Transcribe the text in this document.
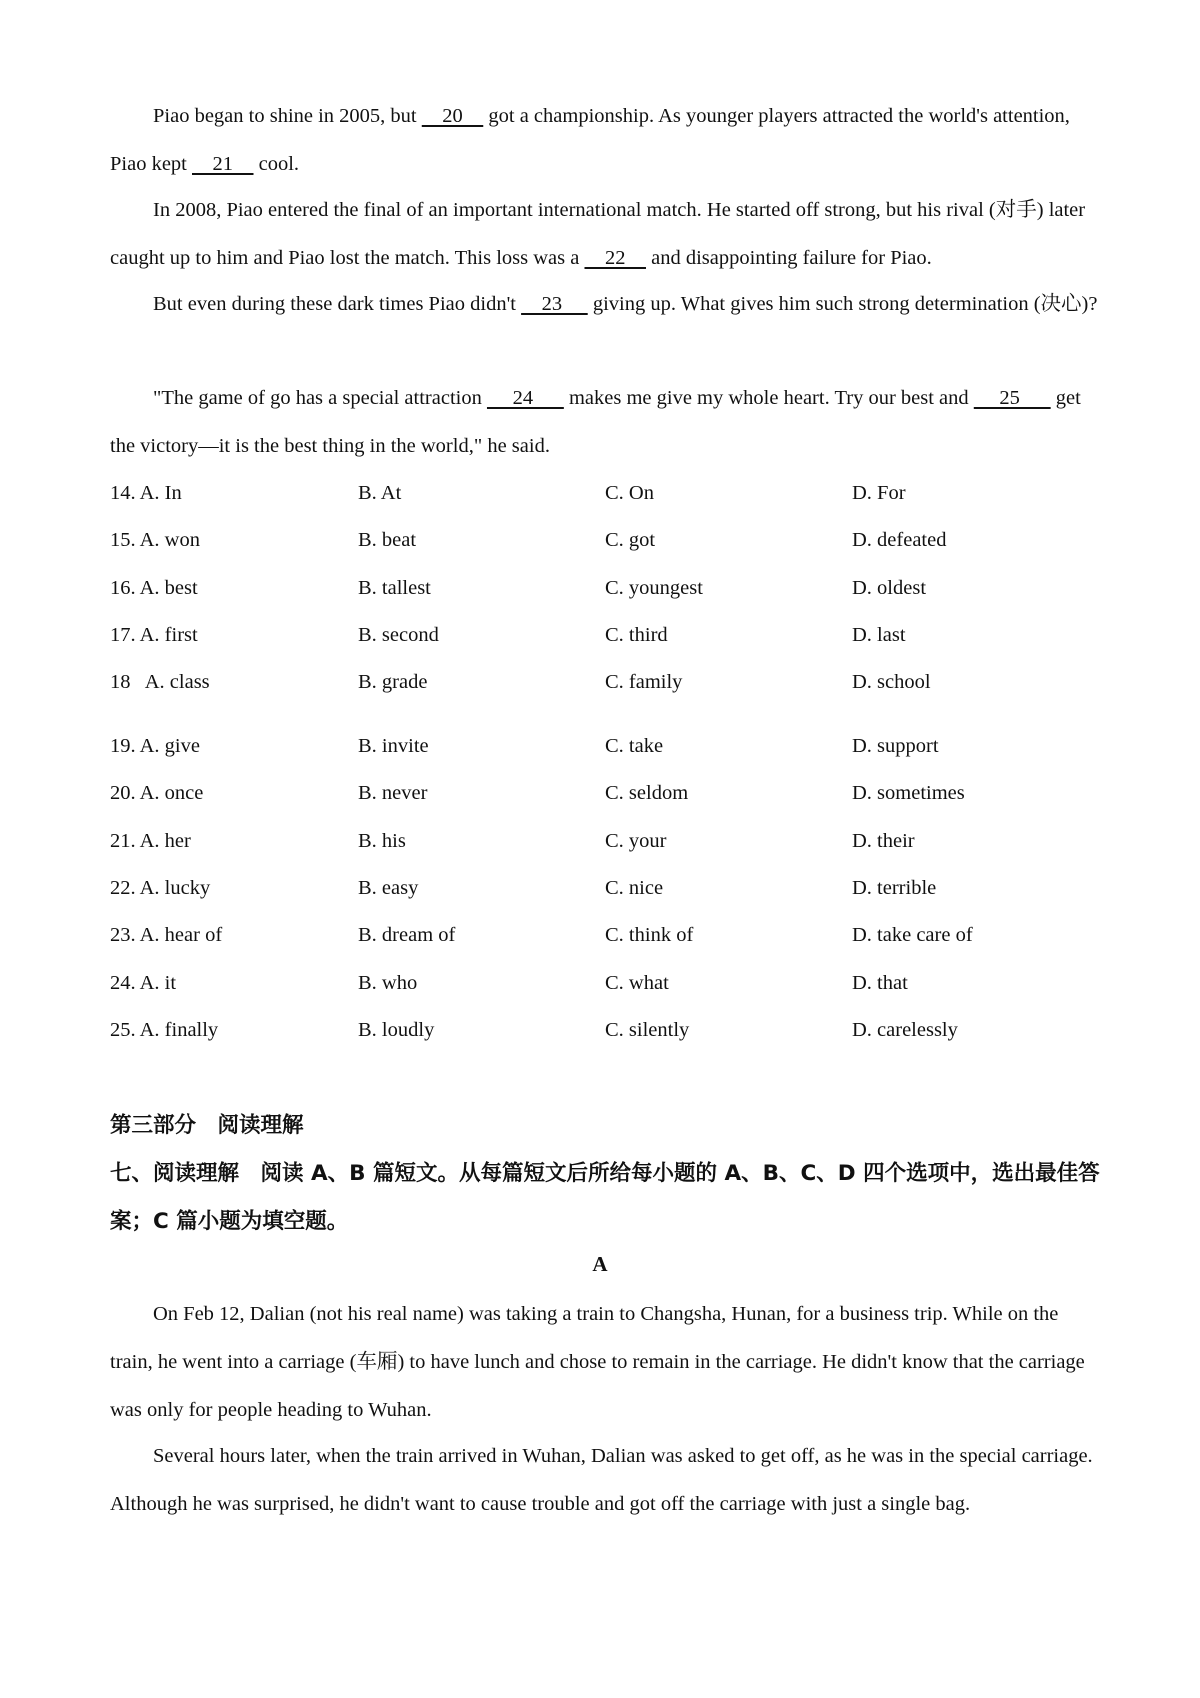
Piao began to shine in 2005, but     20     got a championship. As younger players attracted the world's attention, Piao kept     21     cool.

In 2008, Piao entered the final of an important international match. He started off strong, but his rival (对手) later caught up to him and Piao lost the match. This loss was a     22     and disappointing failure for Piao.

But even during these dark times Piao didn't     23      giving up. What gives him such strong determination (决心)?

"The game of go has a special attraction      24       makes me give my whole heart. Try our best and      25       get the victory—it is the best thing in the world," he said.

14. A. In	B. At	C. On	D. For
15. A. won	B. beat	C. got	D. defeated
16. A. best	B. tallest	C. youngest	D. oldest
17. A. first	B. second	C. third	D. last
18   A. class	B. grade	C. family	D. school
19. A. give	B. invite	C. take	D. support
20. A. once	B. never	C. seldom	D. sometimes
21. A. her	B. his	C. your	D. their
22. A. lucky	B. easy	C. nice	D. terrible
23. A. hear of	B. dream of	C. think of	D. take care of
24. A. it	B. who	C. what	D. that
25. A. finally	B. loudly	C. silently	D. carelessly

第三部分　阅读理解

七、阅读理解　阅读 A、B 篇短文。从每篇短文后所给每小题的 A、B、C、D 四个选项中，选出最佳答案；C 篇小题为填空题。

A

On Feb 12, Dalian (not his real name) was taking a train to Changsha, Hunan, for a business trip. While on the train, he went into a carriage (车厢) to have lunch and chose to remain in the carriage. He didn't know that the carriage was only for people heading to Wuhan.

Several hours later, when the train arrived in Wuhan, Dalian was asked to get off, as he was in the special carriage. Although he was surprised, he didn't want to cause trouble and got off the carriage with just a single bag.
